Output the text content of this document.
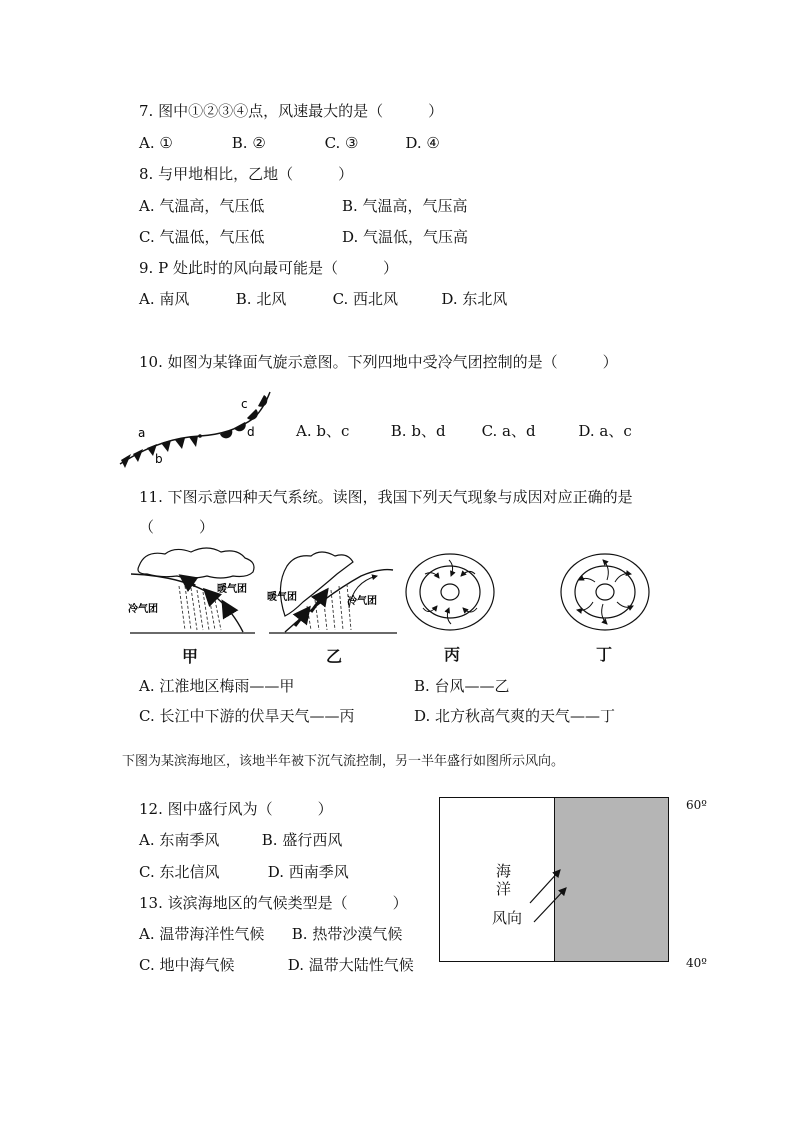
7. 图中①②③④点，风速最大的是（　　　）
A. ①	B. ②	C. ③	D. ④
8. 与甲地相比，乙地（　　　）
A. 气温高，气压低	B. 气温高，气压高
C. 气温低，气压低	D. 气温低，气压高
9. P 处此时的风向最可能是（　　　）
A. 南风	B. 北风	C. 西北风	D. 东北风
10. 如图为某锋面气旋示意图。下列四地中受冷气团控制的是（　　　）
a
b
c
d	A. b、c	B. b、d C. a、d	D. a、c
11. 下图示意四种天气系统。读图，我国下列天气现象与成因对应正确的是
（　　　）
暖气团
冷气团
暖气团	冷气团
甲	乙	丙	丁
A. 江淮地区梅雨——甲	B. 台风——乙
C. 长江中下游的伏旱天气——丙	D. 北方秋高气爽的天气——丁
下图为某滨海地区，该地半年被下沉气流控制，另一半年盛行如图所示风向。
12. 图中盛行风为（　　　）
A. 东南季风	B. 盛行西风
C. 东北信风	D. 西南季风
13. 该滨海地区的气候类型是（　　　）
A. 温带海洋性气候 B. 热带沙漠气候
C. 地中海气候	D. 温带大陆性气候
海
洋
风向
60º
40º
